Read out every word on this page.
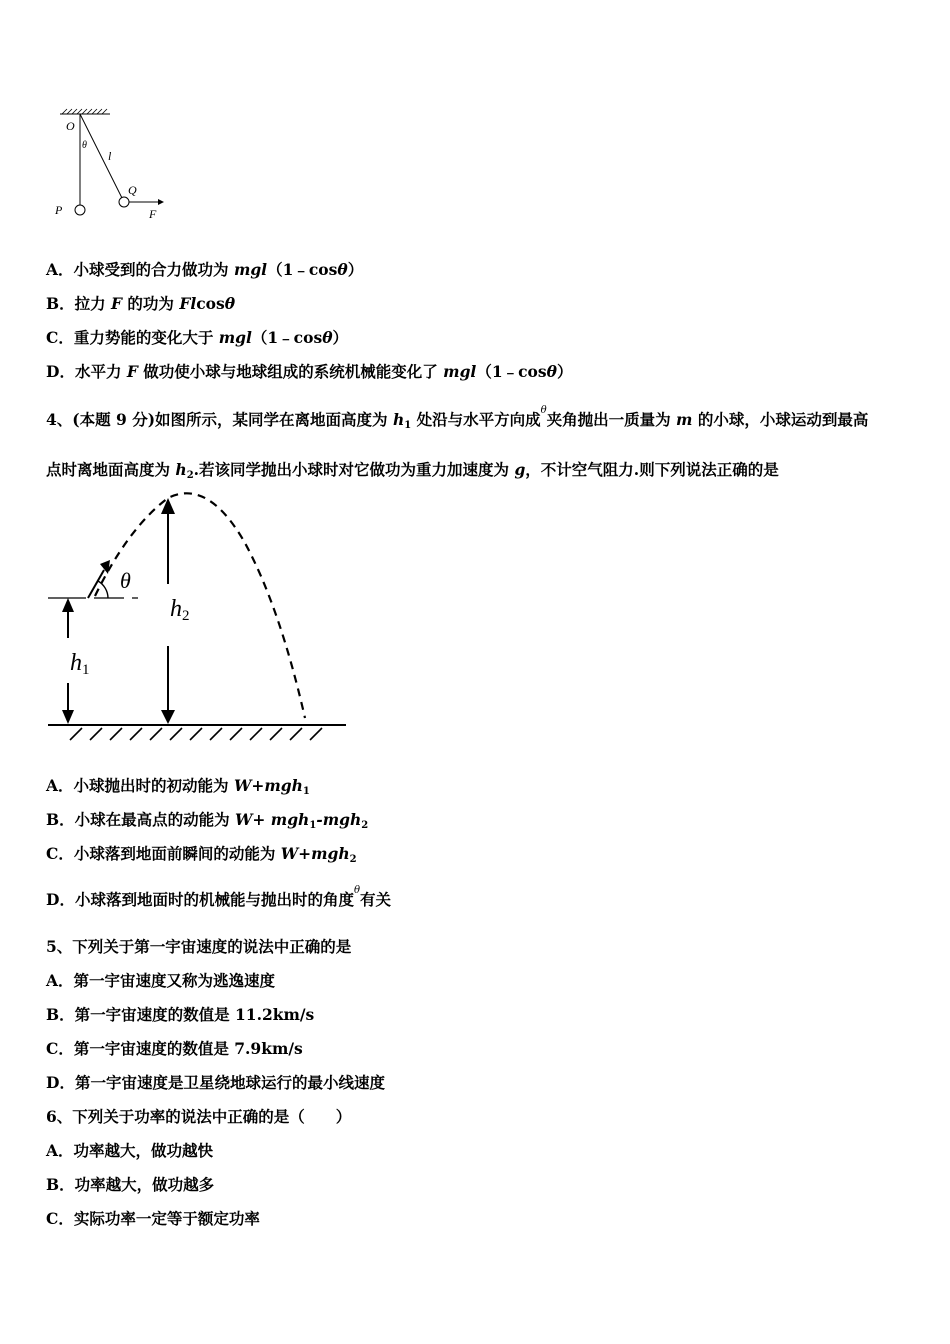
O
θ
l
Q
P	F
A．小球受到的合力做功为 mgl（1﹣cosθ）
B．拉力 F 的功为 Flcosθ
C．重力势能的变化大于 mgl（1﹣cosθ）
D．水平力 F 做功使小球与地球组成的系统机械能变化了 mgl（1﹣cosθ）
4、(本题 9 分)如图所示，某同学在离地面高度为 $h_1$ 处沿与水平方向成$^\theta$夹角抛出一质量为 m 的小球，小球运动到最高
点时离地面高度为 $h_2$.若该同学抛出小球时对它做功为重力加速度为 g，不计空气阻力.则下列说法正确的是
θ
h2
h1
A．小球抛出时的初动能为 W+mgh$_1$
B．小球在最高点的动能为 W+ mgh$_1$-mgh$_2$
C．小球落到地面前瞬间的动能为 W+mgh$_2$
D．小球落到地面时的机械能与抛出时的角度$^\theta$有关
5、下列关于第一宇宙速度的说法中正确的是
A．第一宇宙速度又称为逃逸速度
B．第一宇宙速度的数值是 11.2km/s
C．第一宇宙速度的数值是 7.9km/s
D．第一宇宙速度是卫星绕地球运行的最小线速度
6、下列关于功率的说法中正确的是（　　）
A．功率越大，做功越快
B．功率越大，做功越多
C．实际功率一定等于额定功率
